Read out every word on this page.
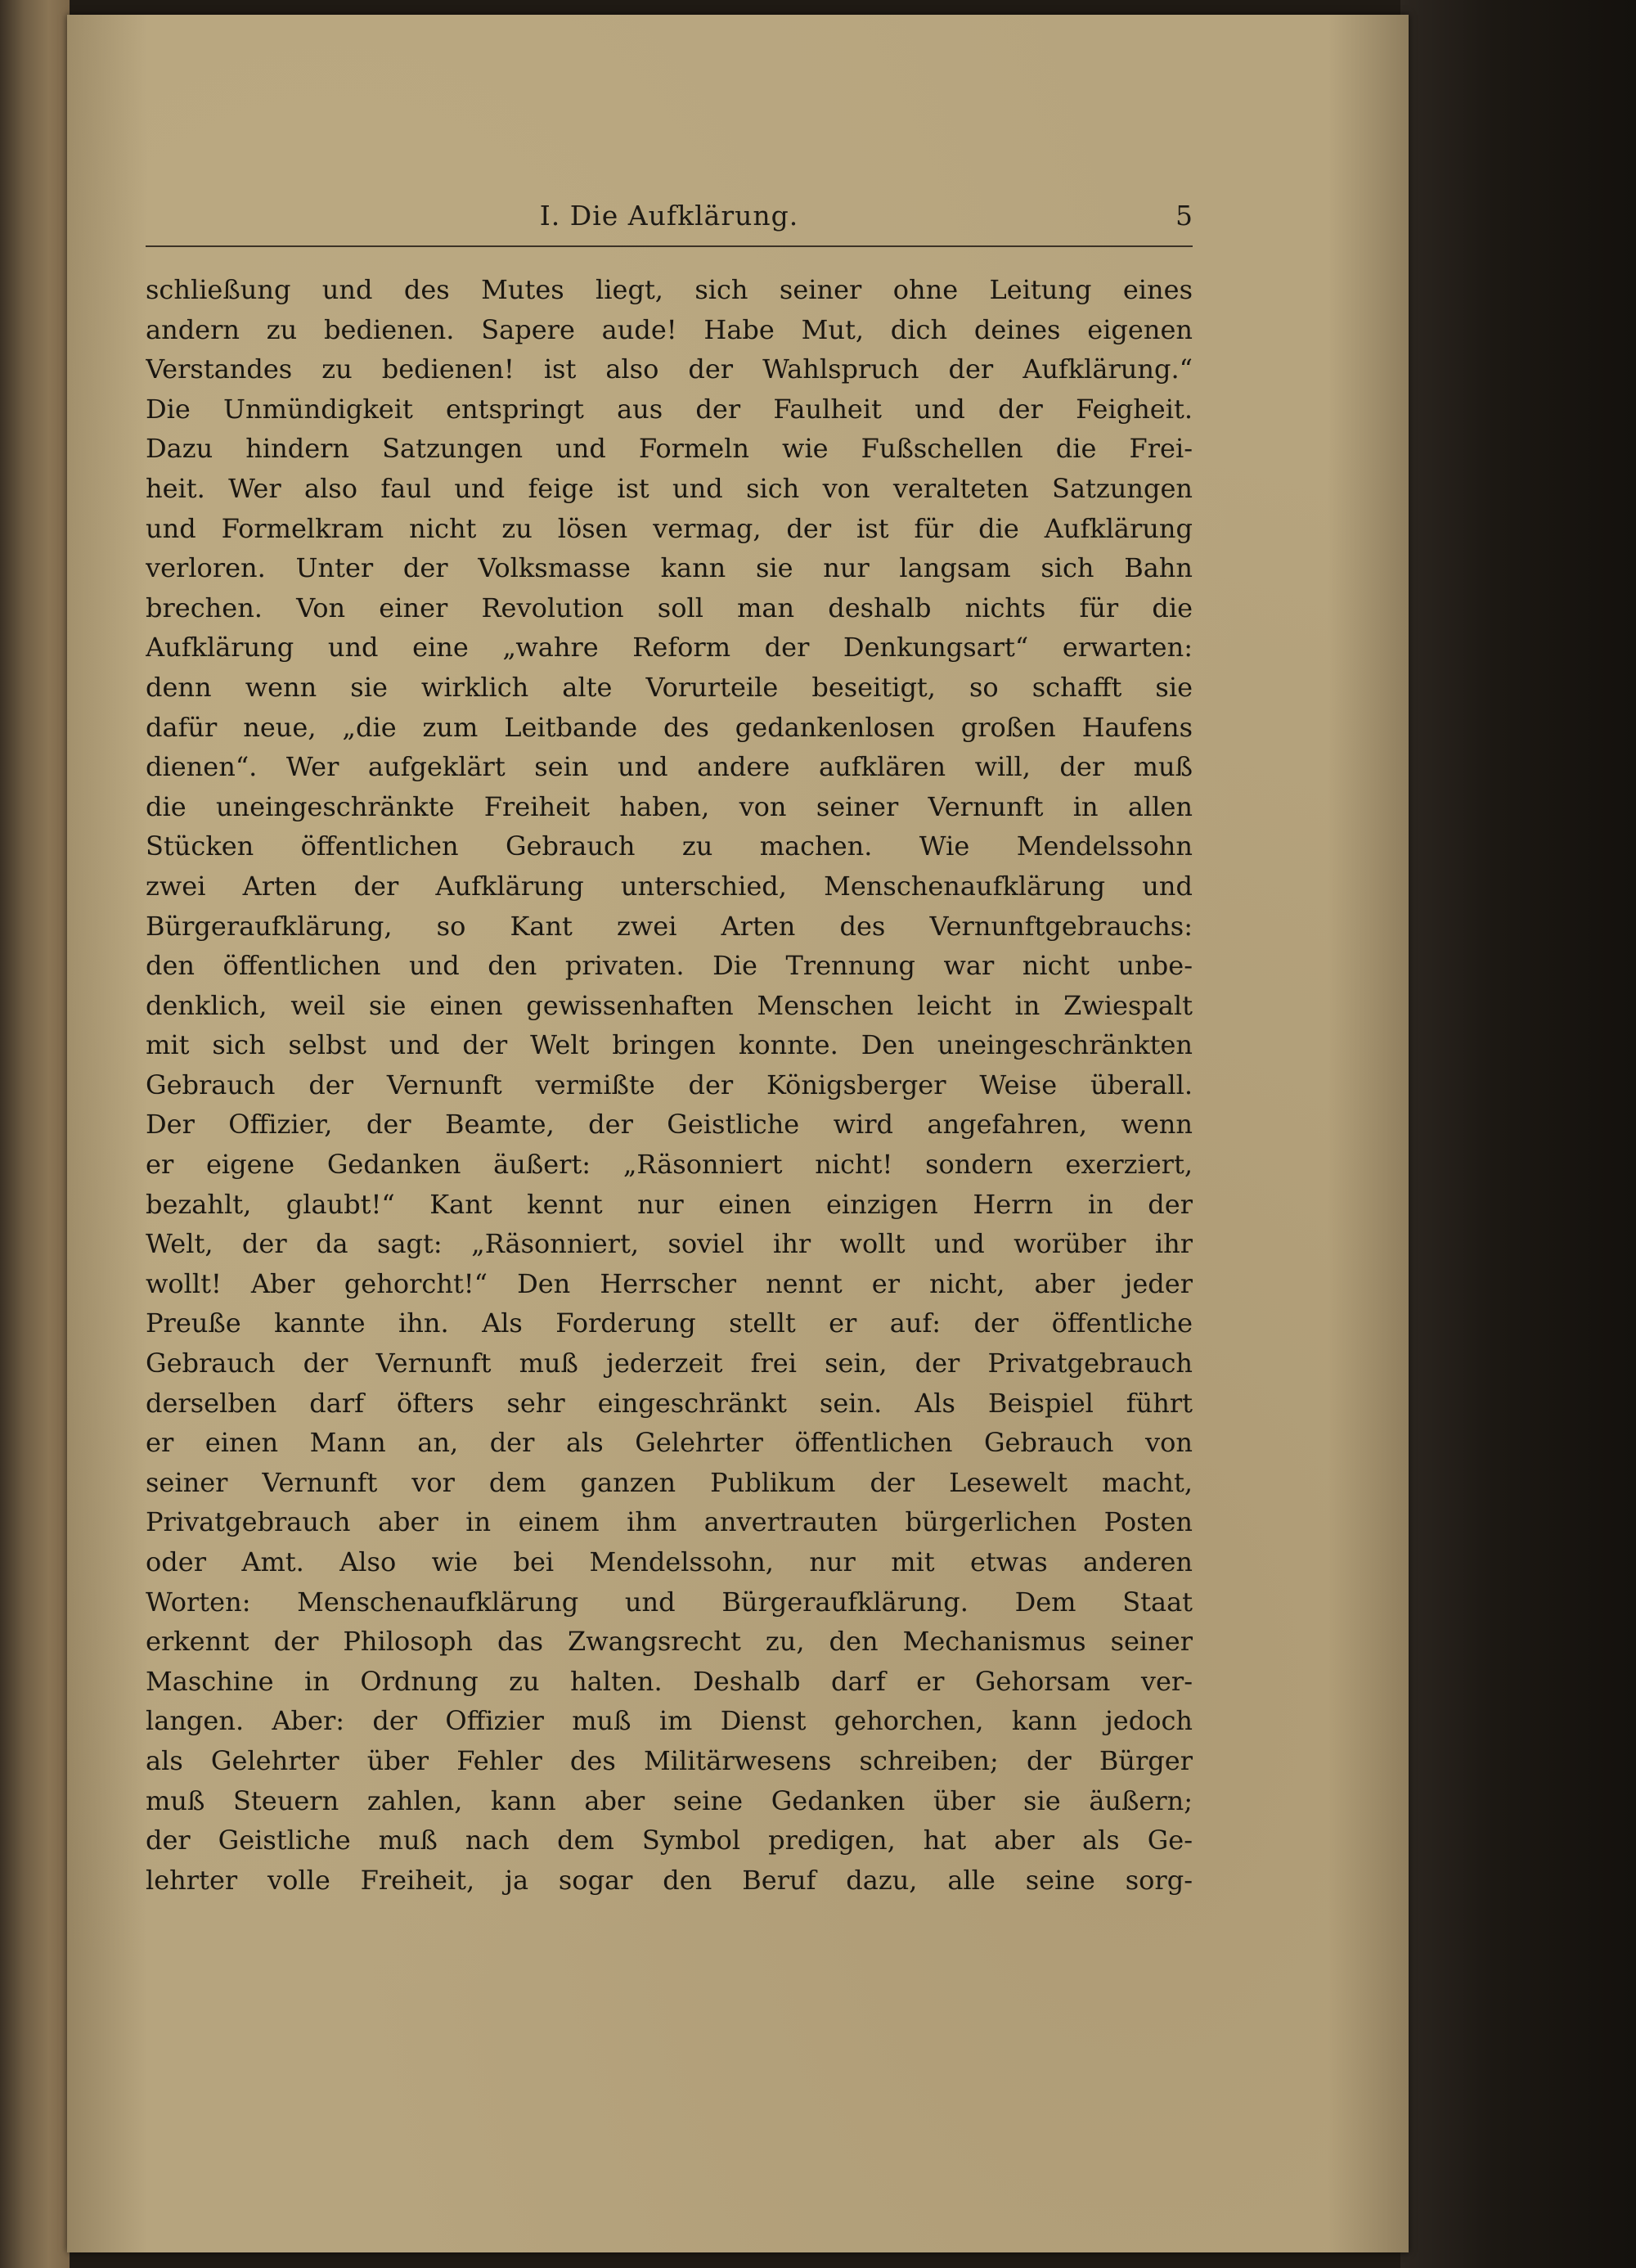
I. Die Aufklärung.	5
schließung und des Mutes liegt, sich seiner ohne Leitung eines
andern zu bedienen. Sapere aude! Habe Mut, dich deines eigenen
Verstandes zu bedienen! ist also der Wahlspruch der Aufklärung.“
Die Unmündigkeit entspringt aus der Faulheit und der Feigheit.
Dazu hindern Satzungen und Formeln wie Fußschellen die Frei-
heit. Wer also faul und feige ist und sich von veralteten Satzungen
und Formelkram nicht zu lösen vermag, der ist für die Aufklärung
verloren. Unter der Volksmasse kann sie nur langsam sich Bahn
brechen. Von einer Revolution soll man deshalb nichts für die
Aufklärung und eine „wahre Reform der Denkungsart“ erwarten:
denn wenn sie wirklich alte Vorurteile beseitigt, so schafft sie
dafür neue, „die zum Leitbande des gedankenlosen großen Haufens
dienen“. Wer aufgeklärt sein und andere aufklären will, der muß
die uneingeschränkte Freiheit haben, von seiner Vernunft in allen
Stücken öffentlichen Gebrauch zu machen. Wie Mendelssohn
zwei Arten der Aufklärung unterschied, Menschenaufklärung und
Bürgeraufklärung, so Kant zwei Arten des Vernunftgebrauchs:
den öffentlichen und den privaten. Die Trennung war nicht unbe-
denklich, weil sie einen gewissenhaften Menschen leicht in Zwiespalt
mit sich selbst und der Welt bringen konnte. Den uneingeschränkten
Gebrauch der Vernunft vermißte der Königsberger Weise überall.
Der Offizier, der Beamte, der Geistliche wird angefahren, wenn
er eigene Gedanken äußert: „Räsonniert nicht! sondern exerziert,
bezahlt, glaubt!“ Kant kennt nur einen einzigen Herrn in der
Welt, der da sagt: „Räsonniert, soviel ihr wollt und worüber ihr
wollt! Aber gehorcht!“ Den Herrscher nennt er nicht, aber jeder
Preuße kannte ihn. Als Forderung stellt er auf: der öffentliche
Gebrauch der Vernunft muß jederzeit frei sein, der Privatgebrauch
derselben darf öfters sehr eingeschränkt sein. Als Beispiel führt
er einen Mann an, der als Gelehrter öffentlichen Gebrauch von
seiner Vernunft vor dem ganzen Publikum der Lesewelt macht,
Privatgebrauch aber in einem ihm anvertrauten bürgerlichen Posten
oder Amt. Also wie bei Mendelssohn, nur mit etwas anderen
Worten: Menschenaufklärung und Bürgeraufklärung. Dem Staat
erkennt der Philosoph das Zwangsrecht zu, den Mechanismus seiner
Maschine in Ordnung zu halten. Deshalb darf er Gehorsam ver-
langen. Aber: der Offizier muß im Dienst gehorchen, kann jedoch
als Gelehrter über Fehler des Militärwesens schreiben; der Bürger
muß Steuern zahlen, kann aber seine Gedanken über sie äußern;
der Geistliche muß nach dem Symbol predigen, hat aber als Ge-
lehrter volle Freiheit, ja sogar den Beruf dazu, alle seine sorg-
